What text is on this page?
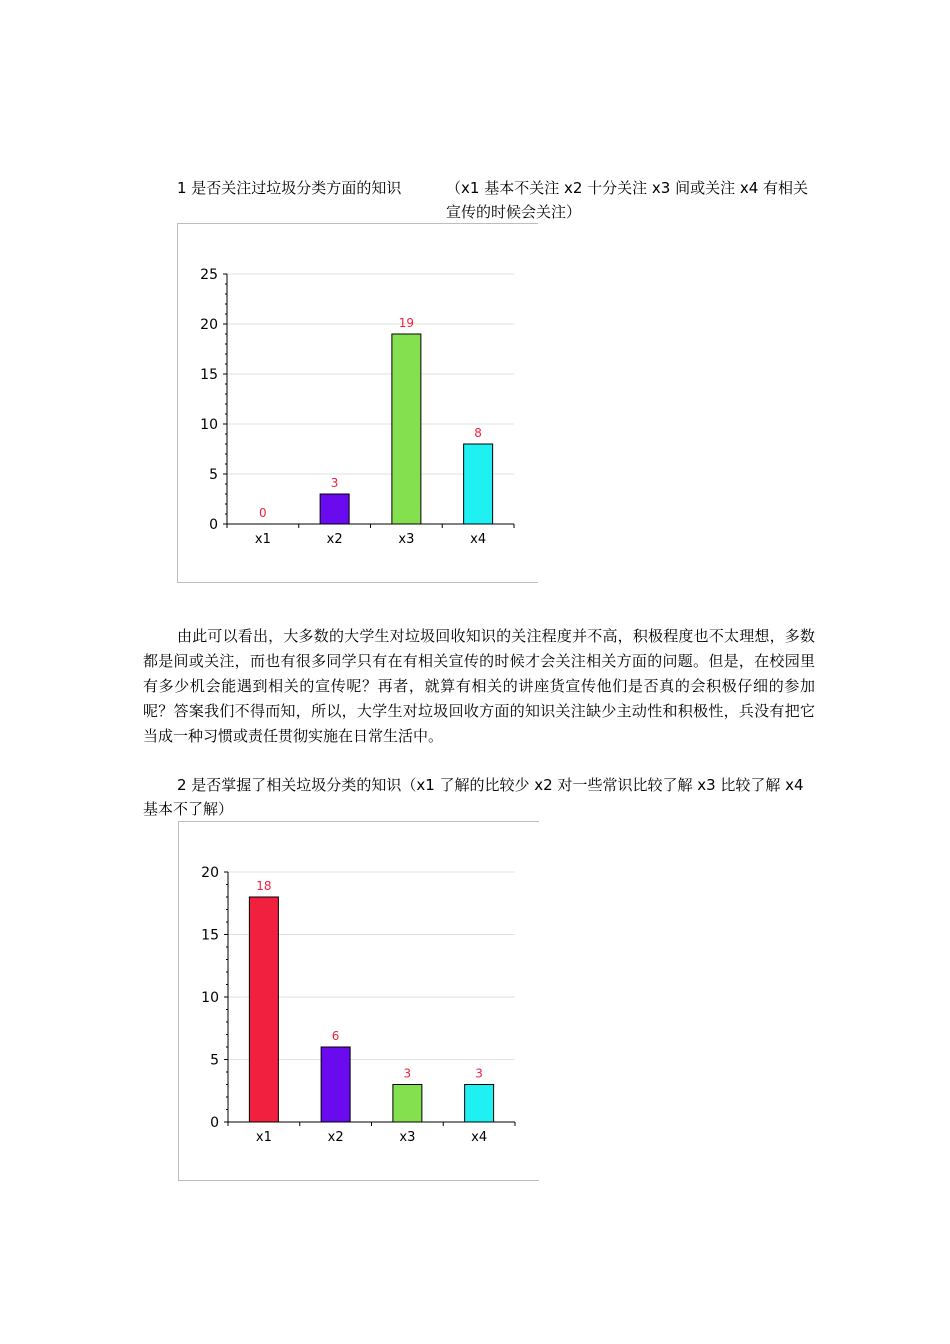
1 是否关注过垃圾分类方面的知识	（x1 基本不关注 x2 十分关注 x3 间或关注 x4 有相关宣传的时候会关注）
0
5
10
15
20
25
0
x1
3
x2
19
x3
8
x4
由此可以看出，大多数的大学生对垃圾回收知识的关注程度并不高，积极程度也不太理想，多数都是间或关注，而也有很多同学只有在有相关宣传的时候才会关注相关方面的问题。但是，在校园里有多少机会能遇到相关的宣传呢？再者，就算有相关的讲座货宣传他们是否真的会积极仔细的参加呢？答案我们不得而知，所以，大学生对垃圾回收方面的知识关注缺少主动性和积极性，兵没有把它当成一种习惯或责任贯彻实施在日常生活中。
2 是否掌握了相关垃圾分类的知识（x1 了解的比较少 x2 对一些常识比较了解 x3 比较了解 x4 基本不了解）
0
5
10
15
20
18
x1
6
x2
3
x3
3
x4
